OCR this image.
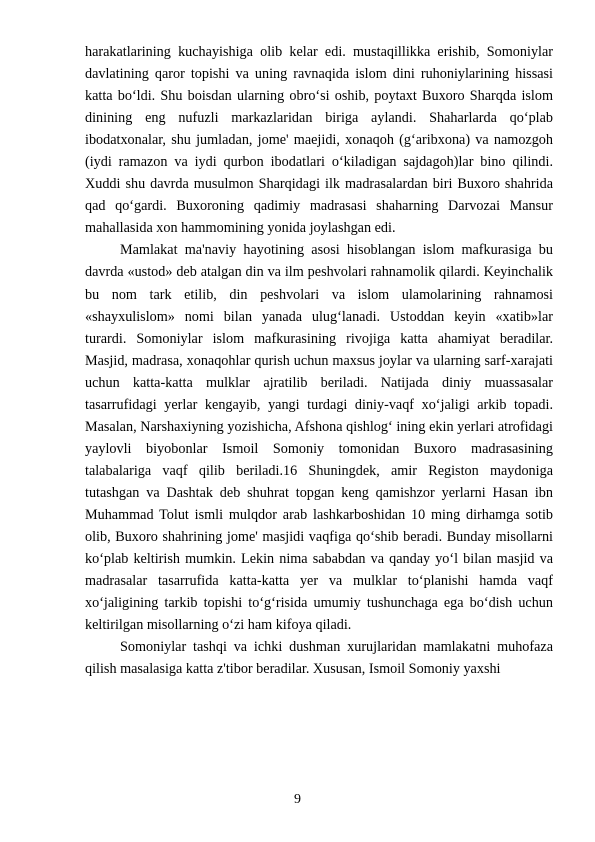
harakatlarining kuchayishiga olib kelar edi. mustaqillikka erishib, Somoniylar davlatining qaror topishi va uning ravnaqida islom dini ruhoniylarining hissasi katta bo‘ldi. Shu boisdan ularning obro‘si oshib, poytaxt Buxoro Sharqda islom dinining eng nufuzli markazlaridan biriga aylandi. Shaharlarda qo‘plab ibodatxonalar, shu jumladan, jome' maejidi, xonaqoh (g‘aribxona) va namozgoh (iydi ramazon va iydi qurbon ibodatlari o‘kiladigan sajdagoh)lar bino qilindi. Xuddi shu davrda musulmon Sharqidagi ilk madrasalardan biri Buxoro shahrida qad qo‘gardi. Buxoroning qadimiy madrasasi shaharning Darvozai Mansur mahallasida xon hammomining yonida joylashgan edi.

Mamlakat ma'naviy hayotining asosi hisoblangan islom mafkurasiga bu davrda «ustod» deb atalgan din va ilm peshvolari rahnamolik qilardi. Keyinchalik bu nom tark etilib, din peshvolari va islom ulamolarining rahnamosi «shayxulislom» nomi bilan yanada ulug‘lanadi. Ustoddan keyin «xatib»lar turardi. Somoniylar islom mafkurasining rivojiga katta ahamiyat beradilar. Masjid, madrasa, xonaqohlar qurish uchun maxsus joylar va ularning sarf-xarajati uchun katta-katta mulklar ajratilib beriladi. Natijada diniy muassasalar tasarrufidagi yerlar kengayib, yangi turdagi diniy-vaqf xo‘jaligi arkib topadi. Masalan, Narshaxiyning yozishicha, Afshona qishlog‘ ining ekin yerlari atrofidagi yaylovli biyobonlar Ismoil Somoniy tomonidan Buxoro madrasasining talabalariga vaqf qilib beriladi.16 Shuningdek, amir Registon maydoniga tutashgan va Dashtak deb shuhrat topgan keng qamishzor yerlarni Hasan ibn Muhammad Tolut ismli mulqdor arab lashkarboshidan 10 ming dirhamga sotib olib, Buxoro shahrining jome' masjidi vaqfiga qo‘shib beradi. Bunday misollarni ko‘plab keltirish mumkin. Lekin nima sababdan va qanday yo‘l bilan masjid va madrasalar tasarrufida katta-katta yer va mulklar to‘planishi hamda vaqf xo‘jaligining tarkib topishi to‘g‘risida umumiy tushunchaga ega bo‘dish uchun keltirilgan misollarning o‘zi ham kifoya qiladi.

Somoniylar tashqi va ichki dushman xurujlaridan mamlakatni muhofaza qilish masalasiga katta z'tibor beradilar. Xususan, Ismoil Somoniy yaxshi

9
